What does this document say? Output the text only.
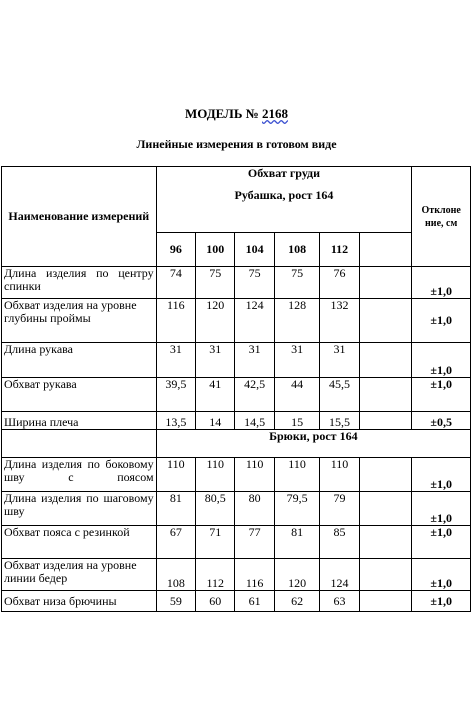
МОДЕЛЬ № 2168
Линейные измерения в готовом виде
Наименование измерений	Обхват груди
Рубашка, рост 164						Отклоне ние, см
	96	100	104	108	112		
Длина изделия по центру спинки	74	75	75	75	76		±1,0
Обхват изделия на уровне глубины проймы	116	120	124	128	132		±1,0
Длина рукава	31	31	31	31	31		±1,0
Обхват рукава	39,5	41	42,5	44	45,5		±1,0
Ширина плеча	13,5	14	14,5	15	15,5		±0,5
	Брюки, рост 164						
Длина изделия по боковому шву с поясом	110	110	110	110	110		±1,0
Длина изделия по шаговому шву	81	80,5	80	79,5	79		±1,0
Обхват пояса с резинкой	67	71	77	81	85		±1,0
Обхват изделия на уровне линии бедер	108	112	116	120	124		±1,0
Обхват низа брючины	59	60	61	62	63		±1,0
